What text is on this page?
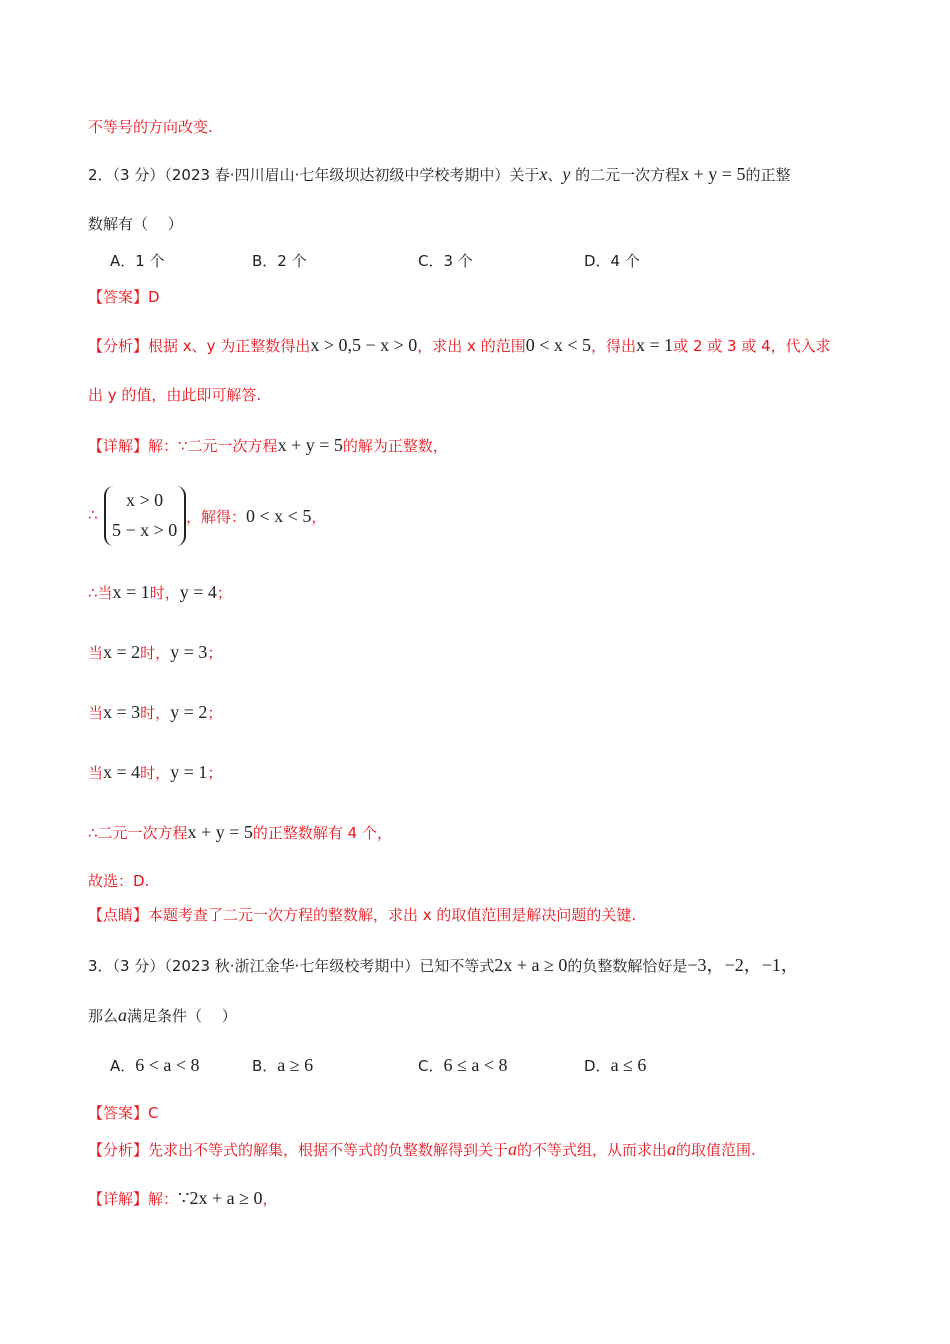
不等号的方向改变.
2．（3 分）（2023 春·四川眉山·七年级坝达初级中学校考期中）关于x、y 的二元一次方程x + y = 5的正整
数解有（　 ）
A．1 个	B．2 个	C．3 个	D．4 个
【答案】D
【分析】根据 x、y 为正整数得出x > 0,5 − x > 0，求出 x 的范围0 < x < 5，得出x = 1或 2 或 3 或 4，代入求
出 y 的值，由此即可解答.
【详解】解：∵二元一次方程x + y = 5的解为正整数，
∴
x > 0
5 − x > 0
，解得：0 < x < 5，
∴当x = 1时，y = 4；
当x = 2时，y = 3；
当x = 3时，y = 2；
当x = 4时，y = 1；
∴二元一次方程x + y = 5的正整数解有 4 个，
故选：D.
【点睛】本题考查了二元一次方程的整数解，求出 x 的取值范围是解决问题的关键.
3．（3 分）（2023 秋·浙江金华·七年级校考期中）已知不等式2x + a ≥ 0的负整数解恰好是−3，−2，−1，
那么a满足条件（　 ）
A．6 < a < 8	B．a ≥ 6	C．6 ≤ a < 8	D．a ≤ 6
【答案】C
【分析】先求出不等式的解集，根据不等式的负整数解得到关于a的不等式组，从而求出a的取值范围.
【详解】解：∵2x + a ≥ 0，
